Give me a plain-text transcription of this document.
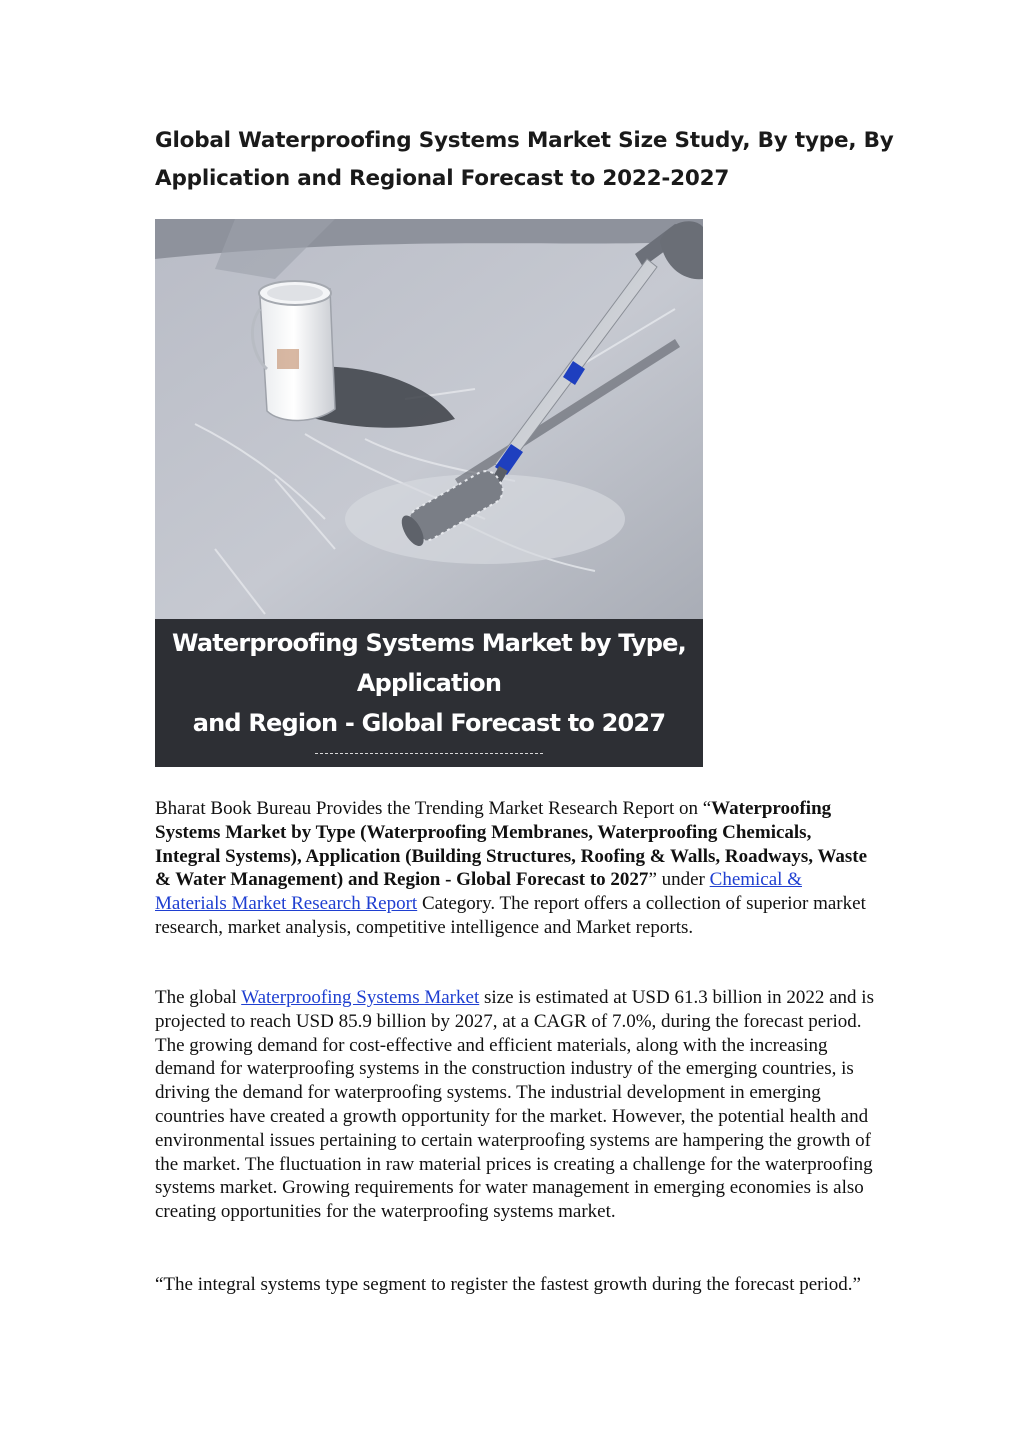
Global Waterproofing Systems Market Size Study, By type, By Application and Regional Forecast to 2022-2027
Waterproofing Systems Market by Type, Application
and Region - Global Forecast to 2027
www.bharatbook.com

Bharat Book Bureau Provides the Trending Market Research Report on “Waterproofing Systems Market by Type (Waterproofing Membranes, Waterproofing Chemicals, Integral Systems), Application (Building Structures, Roofing & Walls, Roadways, Waste & Water Management) and Region - Global Forecast to 2027” under Chemical & Materials Market Research Report Category. The report offers a collection of superior market research, market analysis, competitive intelligence and Market reports.

The global Waterproofing Systems Market size is estimated at USD 61.3 billion in 2022 and is projected to reach USD 85.9 billion by 2027, at a CAGR of 7.0%, during the forecast period. The growing demand for cost-effective and efficient materials, along with the increasing demand for waterproofing systems in the construction industry of the emerging countries, is driving the demand for waterproofing systems. The industrial development in emerging countries have created a growth opportunity for the market. However, the potential health and environmental issues pertaining to certain waterproofing systems are hampering the growth of the market. The fluctuation in raw material prices is creating a challenge for the waterproofing systems market. Growing requirements for water management in emerging economies is also creating opportunities for the waterproofing systems market.

“The integral systems type segment to register the fastest growth during the forecast period.”
